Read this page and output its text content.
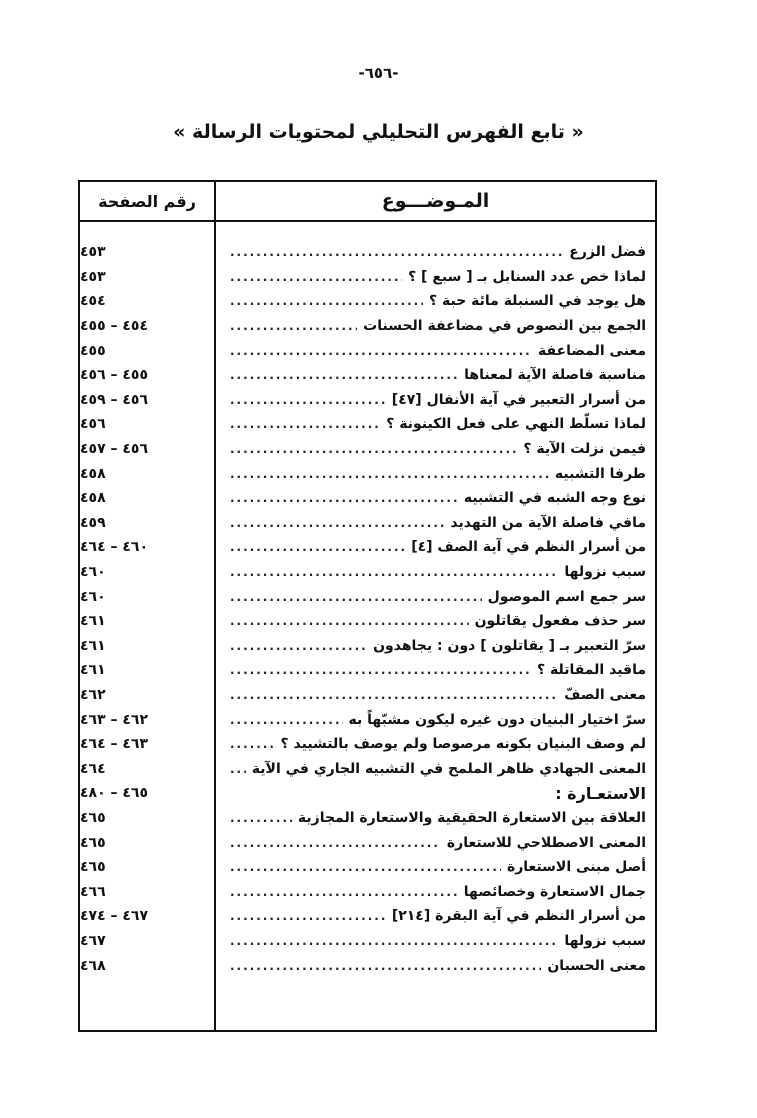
-٦٥٦-
« تابع الفهرس التحليلي لمحتويات الرسالة »
المـوضـــوع
رقم الصفحة
فضل الزرع
.....
٤٥٣
لماذا خص عدد السنابل بـ [ سبع ] ؟
.....
٤٥٣
هل يوجد في السنبلة مائة حبة ؟
.....
٤٥٤
الجمع بين النصوص في مضاعفة الحسنات
.....
٤٥٤ – ٤٥٥
معنى المضاعفة
.....
٤٥٥
مناسبة فاصلة الآية لمعناها
.....
٤٥٥ – ٤٥٦
من أسرار التعبير في آية الأنفال [٤٧]
.....
٤٥٦ – ٤٥٩
لماذا تسلّط النهي على فعل الكينونة ؟
.....
٤٥٦
فيمن نزلت الآية ؟
.....
٤٥٦ – ٤٥٧
طرفا التشبيه
.....
٤٥٨
نوع وجه الشبه في التشبيه
.....
٤٥٨
مافي فاصلة الآية من التهديد
.....
٤٥٩
من أسرار النظم في آية الصف [٤]
.....
٤٦٠ – ٤٦٤
سبب نزولها
.....
٤٦٠
سر جمع اسم الموصول
.....
٤٦٠
سر حذف مفعول يقاتلون
.....
٤٦١
سرّ التعبير بـ [ يقاتلون ] دون : يجاهدون
.....
٤٦١
ماقيد المقاتلة ؟
.....
٤٦١
معنى الصفّ
.....
٤٦٢
سرّ اختيار البنيان دون غيره ليكون مشبّهاً به
.....
٤٦٢ – ٤٦٣
لم وصف البنيان بكونه مرصوصا ولم يوصف بالتشييد ؟
.....
٤٦٣ – ٤٦٤
المعنى الجهادي ظاهر الملمح في التشبيه الجاري في الآية
.....
٤٦٤
الاستعـارة :
٤٦٥ – ٤٨٠
العلاقة بين الاستعارة الحقيقية والاستعارة المجازية
.....
٤٦٥
المعنى الاصطلاحي للاستعارة
.....
٤٦٥
أصل مبنى الاستعارة
.....
٤٦٥
جمال الاستعارة وخصائصها
.....
٤٦٦
من أسرار النظم في آية البقرة [٢١٤]
.....
٤٦٧ – ٤٧٤
سبب نزولها
.....
٤٦٧
معنى الحسبان
.....
٤٦٨
